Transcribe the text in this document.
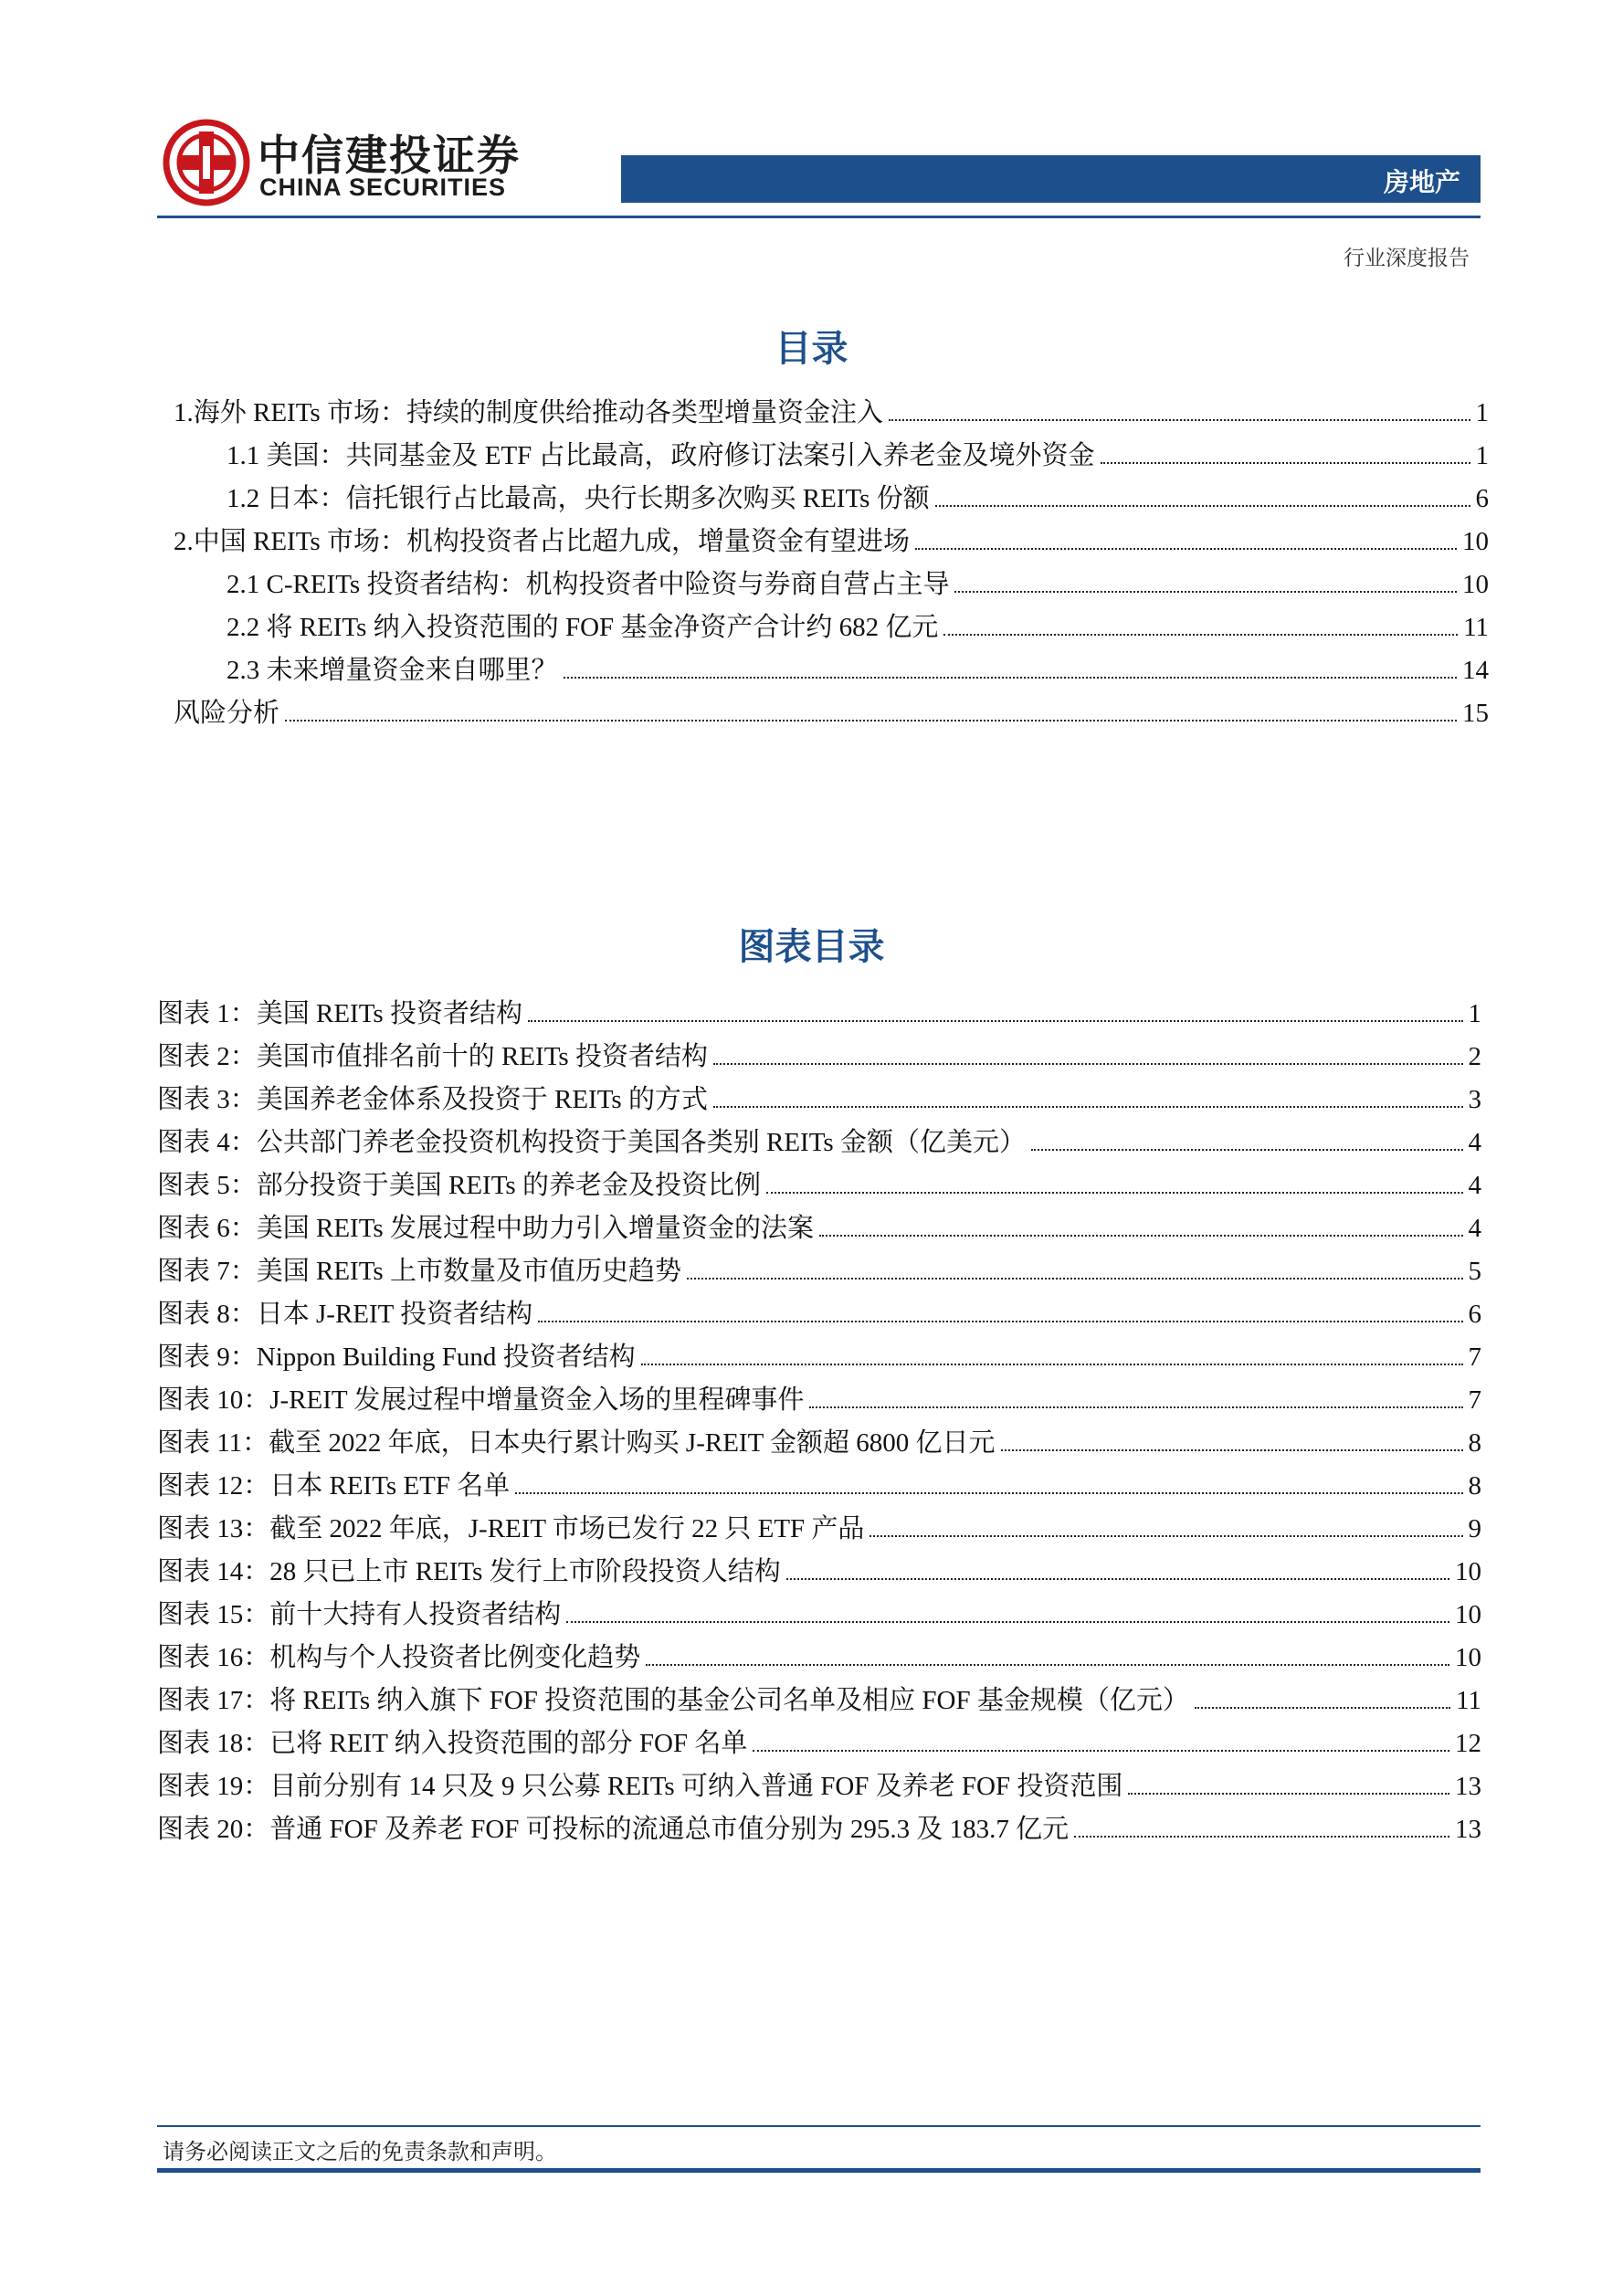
中信建投证券
CHINA SECURITIES	房地产
行业深度报告
目录
1.海外 REITs 市场：持续的制度供给推动各类型增量资金注入	1
1.1 美国：共同基金及 ETF 占比最高，政府修订法案引入养老金及境外资金	1
1.2 日本：信托银行占比最高，央行长期多次购买 REITs 份额	6
2.中国 REITs 市场：机构投资者占比超九成，增量资金有望进场	10
2.1 C-REITs 投资者结构：机构投资者中险资与券商自营占主导	10
2.2 将 REITs 纳入投资范围的 FOF 基金净资产合计约 682 亿元	11
2.3 未来增量资金来自哪里？	14
风险分析	15
图表目录
图表 1：美国 REITs 投资者结构	1
图表 2：美国市值排名前十的 REITs 投资者结构	2
图表 3：美国养老金体系及投资于 REITs 的方式	3
图表 4：公共部门养老金投资机构投资于美国各类别 REITs 金额（亿美元）	4
图表 5：部分投资于美国 REITs 的养老金及投资比例	4
图表 6：美国 REITs 发展过程中助力引入增量资金的法案	4
图表 7：美国 REITs 上市数量及市值历史趋势	5
图表 8：日本 J-REIT 投资者结构	6
图表 9：Nippon Building Fund 投资者结构	7
图表 10：J-REIT 发展过程中增量资金入场的里程碑事件	7
图表 11：截至 2022 年底，日本央行累计购买 J-REIT 金额超 6800 亿日元	8
图表 12：日本 REITs ETF 名单	8
图表 13：截至 2022 年底，J-REIT 市场已发行 22 只 ETF 产品	9
图表 14：28 只已上市 REITs 发行上市阶段投资人结构	10
图表 15：前十大持有人投资者结构	10
图表 16：机构与个人投资者比例变化趋势	10
图表 17：将 REITs 纳入旗下 FOF 投资范围的基金公司名单及相应 FOF 基金规模（亿元）	11
图表 18：已将 REIT 纳入投资范围的部分 FOF 名单	12
图表 19：目前分别有 14 只及 9 只公募 REITs 可纳入普通 FOF 及养老 FOF 投资范围	13
图表 20：普通 FOF 及养老 FOF 可投标的流通总市值分别为 295.3 及 183.7 亿元	13
请务必阅读正文之后的免责条款和声明。
